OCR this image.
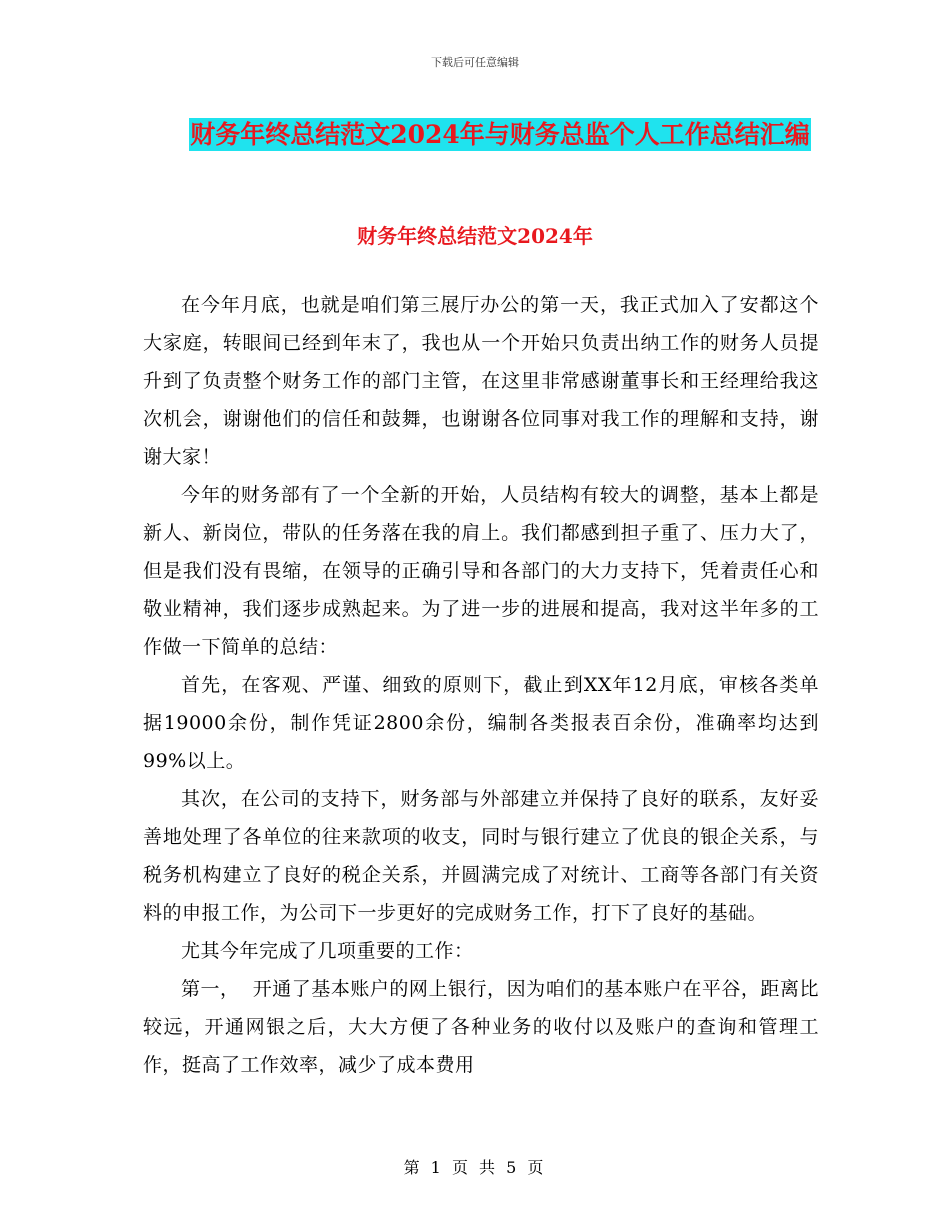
下载后可任意编辑
财务年终总结范文2024年与财务总监个人工作总结汇编
财务年终总结范文2024年

在今年月底，也就是咱们第三展厅办公的第一天，我正式加入了安都这个大家庭，转眼间已经到年末了，我也从一个开始只负责出纳工作的财务人员提升到了负责整个财务工作的部门主管，在这里非常感谢董事长和王经理给我这次机会，谢谢他们的信任和鼓舞，也谢谢各位同事对我工作的理解和支持，谢谢大家！

今年的财务部有了一个全新的开始，人员结构有较大的调整，基本上都是新人、新岗位，带队的任务落在我的肩上。我们都感到担子重了、压力大了，但是我们没有畏缩，在领导的正确引导和各部门的大力支持下，凭着责任心和敬业精神，我们逐步成熟起来。为了进一步的进展和提高，我对这半年多的工作做一下简单的总结：

首先，在客观、严谨、细致的原则下，截止到XX年12月底，审核各类单据19000余份，制作凭证2800余份，编制各类报表百余份，准确率均达到99%以上。

其次，在公司的支持下，财务部与外部建立并保持了良好的联系，友好妥善地处理了各单位的往来款项的收支，同时与银行建立了优良的银企关系，与税务机构建立了良好的税企关系，并圆满完成了对统计、工商等各部门有关资料的申报工作，为公司下一步更好的完成财务工作，打下了良好的基础。

尤其今年完成了几项重要的工作：

第一，  开通了基本账户的网上银行，因为咱们的基本账户在平谷，距离比较远，开通网银之后，大大方便了各种业务的收付以及账户的查询和管理工作，挺高了工作效率，减少了成本费用

第 1 页 共 5 页
